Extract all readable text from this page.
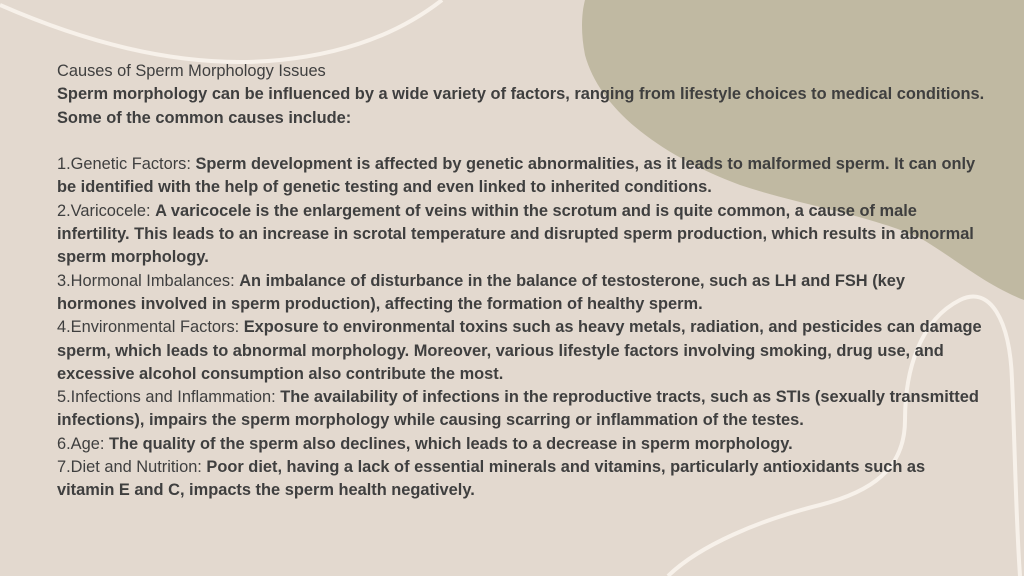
Causes of Sperm Morphology Issues

Sperm morphology can be influenced by a wide variety of factors, ranging from lifestyle choices to medical conditions. Some of the common causes include:

1.Genetic Factors: Sperm development is affected by genetic abnormalities, as it leads to malformed sperm. It can only be identified with the help of genetic testing and even linked to inherited conditions.

2.Varicocele: A varicocele is the enlargement of veins within the scrotum and is quite common, a cause of male infertility. This leads to an increase in scrotal temperature and disrupted sperm production, which results in abnormal sperm morphology.

3.Hormonal Imbalances: An imbalance of disturbance in the balance of testosterone, such as LH and FSH (key hormones involved in sperm production), affecting the formation of healthy sperm.

4.Environmental Factors: Exposure to environmental toxins such as heavy metals, radiation, and pesticides can damage sperm, which leads to abnormal morphology. Moreover, various lifestyle factors involving smoking, drug use, and excessive alcohol consumption also contribute the most.

5.Infections and Inflammation: The availability of infections in the reproductive tracts, such as STIs (sexually transmitted infections), impairs the sperm morphology while causing scarring or inflammation of the testes.

6.Age: The quality of the sperm also declines, which leads to a decrease in sperm morphology.

7.Diet and Nutrition: Poor diet, having a lack of essential minerals and vitamins, particularly antioxidants such as vitamin E and C, impacts the sperm health negatively.
